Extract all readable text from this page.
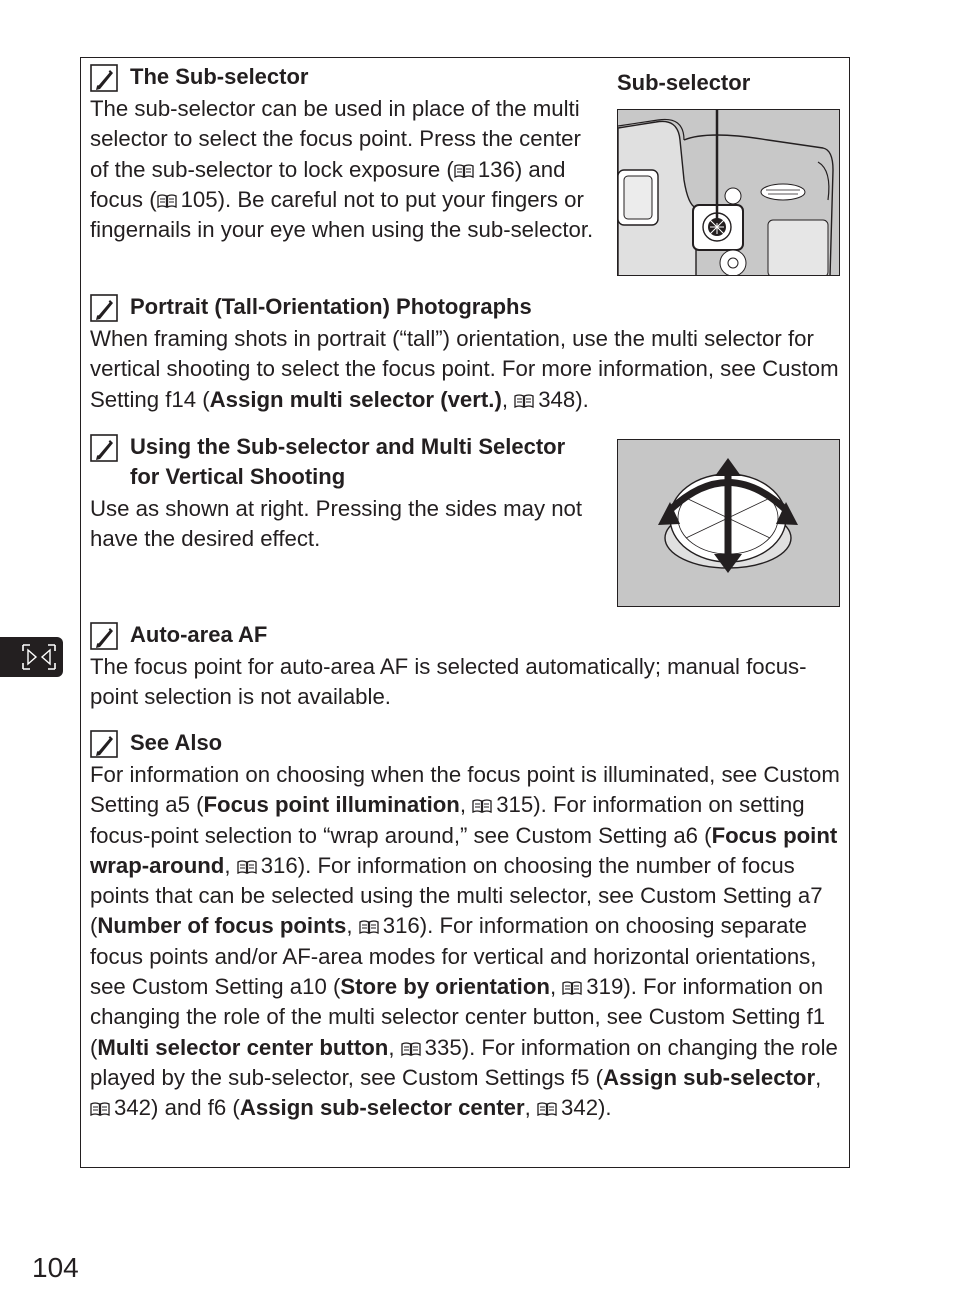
The Sub-selector
The sub-selector can be used in place of the multi selector to select the focus point. Press the center of the sub-selector to lock exposure ( 136) and focus ( 105). Be careful not to put your fingers or fingernails in your eye when using the sub-selector.
Sub-selector
Portrait (Tall-Orientation) Photographs
When framing shots in portrait (“tall”) orientation, use the multi selector for vertical shooting to select the focus point. For more information, see Custom Setting f14 (Assign multi selector (vert.), 348).
Using the Sub-selector and Multi Selector
for Vertical Shooting
Use as shown at right. Pressing the sides may not have the desired effect.
Auto-area AF
The focus point for auto-area AF is selected automatically; manual focus-point selection is not available.
See Also
For information on choosing when the focus point is illuminated, see Custom Setting a5 (Focus point illumination, 315). For information on setting focus-point selection to “wrap around,” see Custom Setting a6 (Focus point wrap-around, 316). For information on choosing the number of focus points that can be selected using the multi selector, see Custom Setting a7 (Number of focus points, 316). For information on choosing separate focus points and/or AF-area modes for vertical and horizontal orientations, see Custom Setting a10 (Store by orientation, 319). For information on changing the role of the multi selector center button, see Custom Setting f1 (Multi selector center button, 335). For information on changing the role played by the sub-selector, see Custom Settings f5 (Assign sub-selector, 342) and f6 (Assign sub-selector center, 342).
104
